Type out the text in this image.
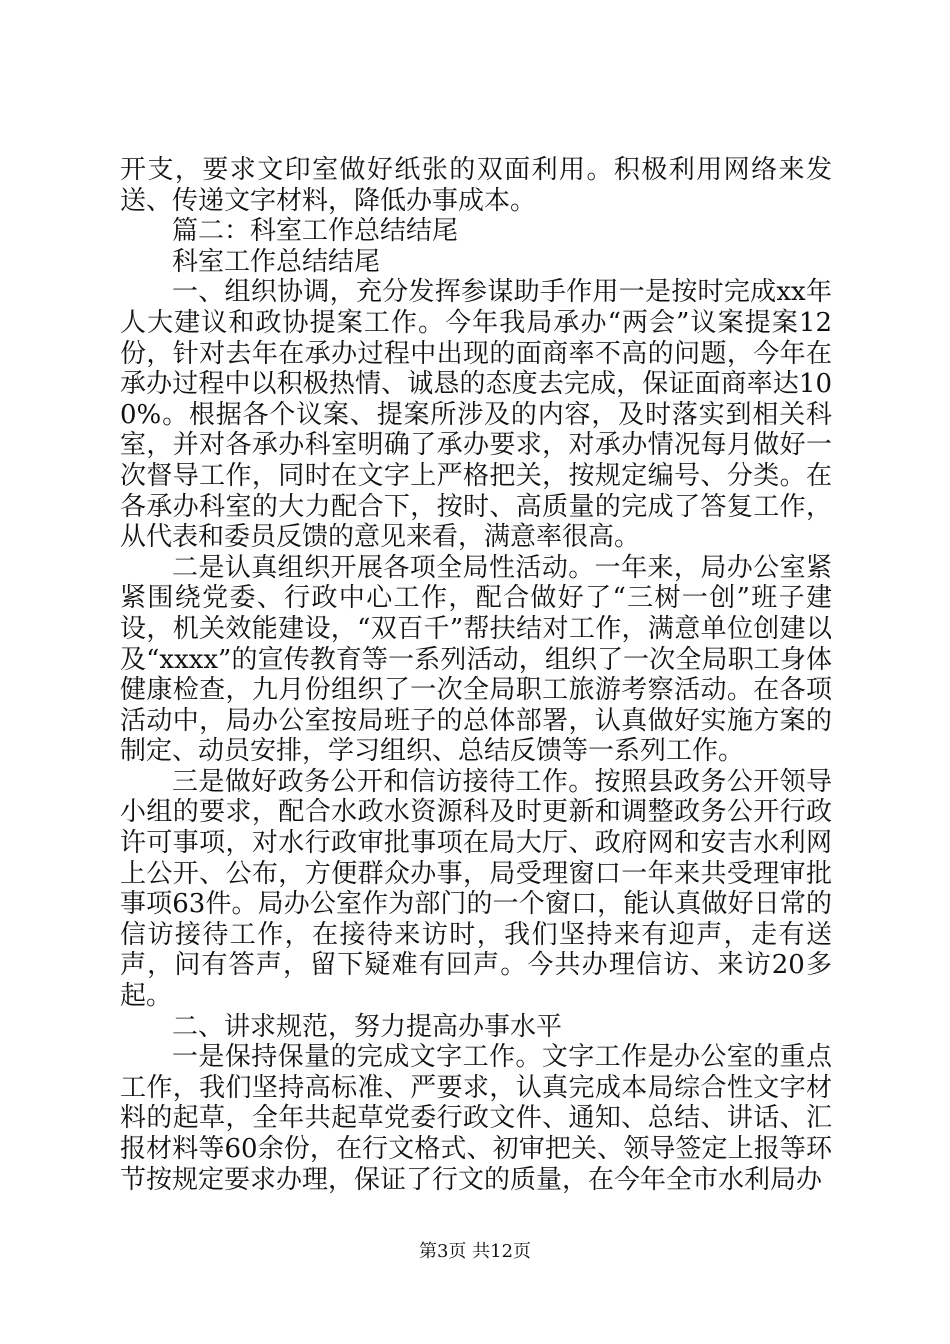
开支，要求文印室做好纸张的双面利用。积极利用网络来发送、传递文字材料，降低办事成本。

篇二：科室工作总结结尾

科室工作总结结尾

一、组织协调，充分发挥参谋助手作用一是按时完成xx年人大建议和政协提案工作。今年我局承办“两会”议案提案12份，针对去年在承办过程中出现的面商率不高的问题，今年在承办过程中以积极热情、诚恳的态度去完成，保证面商率达100%。根据各个议案、提案所涉及的内容，及时落实到相关科室，并对各承办科室明确了承办要求，对承办情况每月做好一次督导工作，同时在文字上严格把关，按规定编号、分类。在各承办科室的大力配合下，按时、高质量的完成了答复工作，从代表和委员反馈的意见来看，满意率很高。

二是认真组织开展各项全局性活动。一年来，局办公室紧紧围绕党委、行政中心工作，配合做好了“三树一创”班子建设，机关效能建设，“双百千”帮扶结对工作，满意单位创建以及“xxxx”的宣传教育等一系列活动，组织了一次全局职工身体健康检查，九月份组织了一次全局职工旅游考察活动。在各项活动中，局办公室按局班子的总体部署，认真做好实施方案的制定、动员安排，学习组织、总结反馈等一系列工作。

三是做好政务公开和信访接待工作。按照县政务公开领导小组的要求，配合水政水资源科及时更新和调整政务公开行政许可事项，对水行政审批事项在局大厅、政府网和安吉水利网上公开、公布，方便群众办事，局受理窗口一年来共受理审批事项63件。局办公室作为部门的一个窗口，能认真做好日常的信访接待工作，在接待来访时，我们坚持来有迎声，走有送声，问有答声，留下疑难有回声。今共办理信访、来访20多起。

二、讲求规范，努力提高办事水平

一是保持保量的完成文字工作。文字工作是办公室的重点工作，我们坚持高标准、严要求，认真完成本局综合性文字材料的起草，全年共起草党委行政文件、通知、总结、讲话、汇报材料等60余份，在行文格式、初审把关、领导签定上报等环节按规定要求办理，保证了行文的质量，在今年全市水利局办

第3页 共12页
